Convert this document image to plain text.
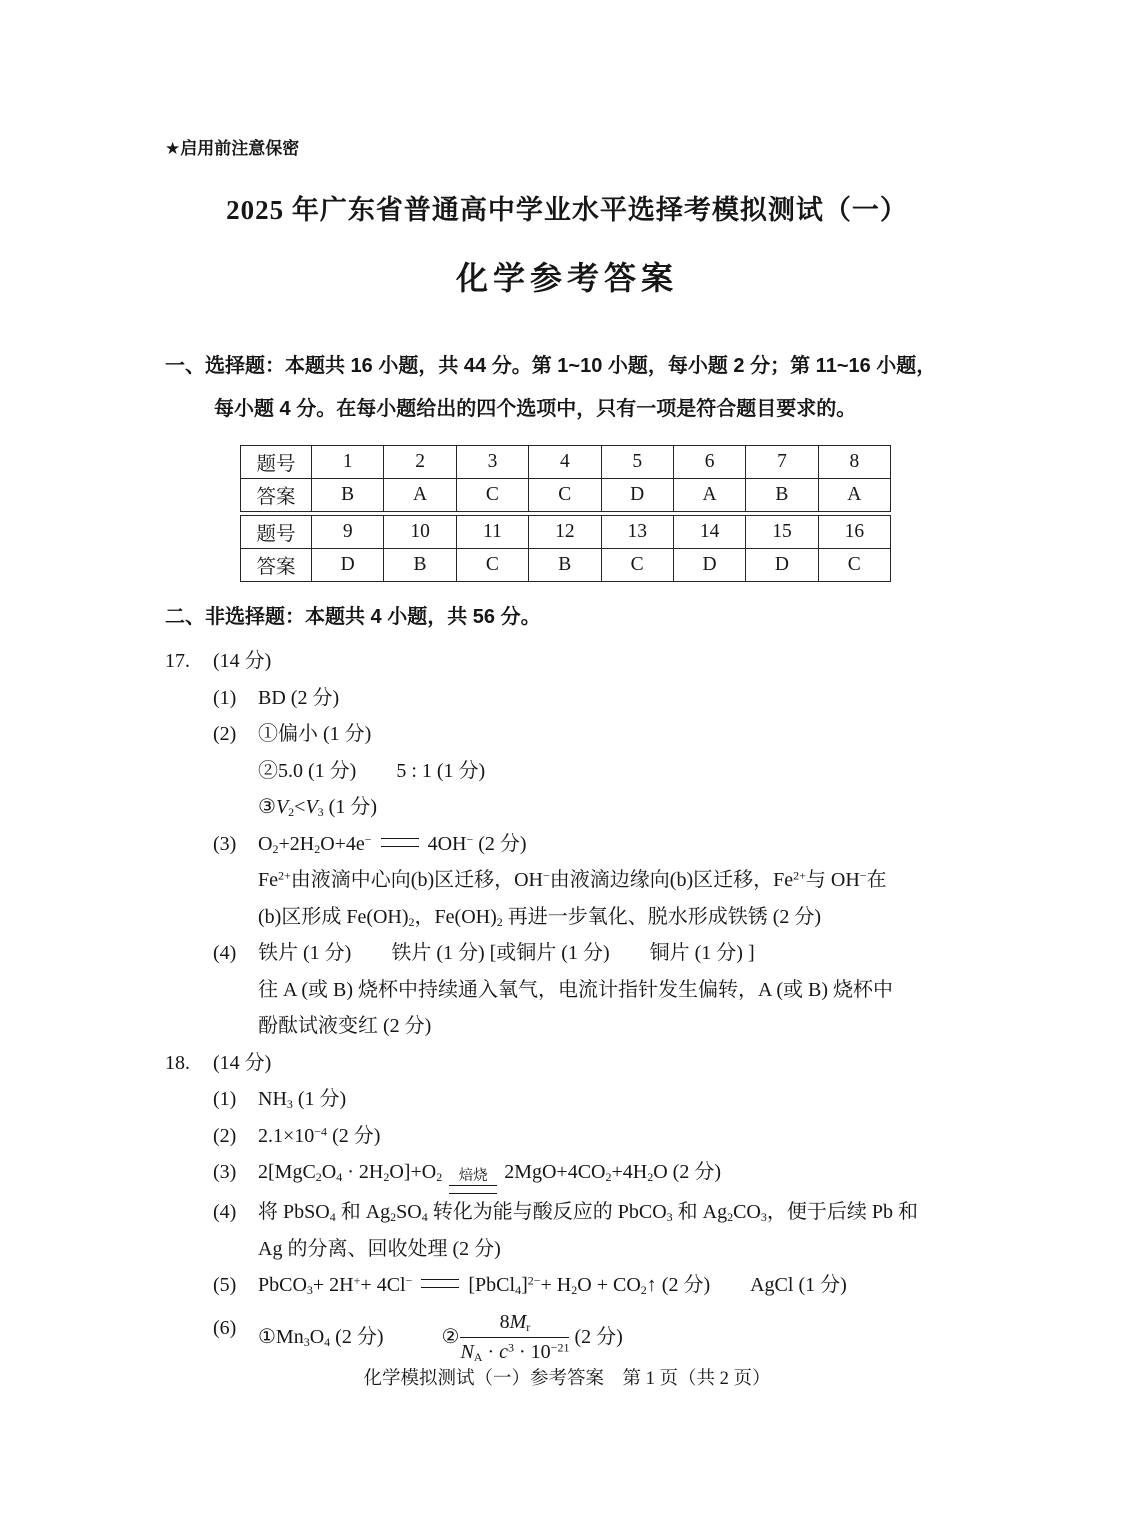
★启用前注意保密
2025 年广东省普通高中学业水平选择考模拟测试（一）
化学参考答案
一、选择题：本题共 16 小题，共 44 分。第 1~10 小题，每小题 2 分；第 11~16 小题，
每小题 4 分。在每小题给出的四个选项中，只有一项是符合题目要求的。
题号	1	2	3	4	5	6	7	8
答案	B	A	C	C	D	A	B	A
题号	9	10	11	12	13	14	15	16
答案	D	B	C	B	C	D	D	C
二、非选择题：本题共 4 小题，共 56 分。
17. (14 分)
(1) BD (2 分)
(2) ①偏小 (1 分)
②5.0 (1 分)　　5 : 1 (1 分)
$③V_2<V_3$ (1 分)
(3) $O_2+2H_2O+4e^-$	4OH− (2 分)
$Fe^{2+}$由液滴中心向(b)区迁移，OH−由液滴边缘向(b)区迁移，$Fe^{2+}$与 OH−在
(b)区形成 $Fe(OH)_2$，$Fe(OH)_2$ 再进一步氧化、脱水形成铁锈 (2 分)
(4) 铁片 (1 分)　　铁片 (1 分) [或铜片 (1 分)　　铜片 (1 分) ]
往 A (或 B) 烧杯中持续通入氧气，电流计指针发生偏转，A (或 B) 烧杯中
酚酞试液变红 (2 分)
18. (14 分)
(1) $NH_3$ (1 分)
(2) $2.1\times 10^{-4}$ (2 分)
(3) $2[MgC_2O_4 \cdot 2H_2O]+O_2$ 焙烧 $2MgO+4CO_2+4H_2O$ (2 分)
(4) 将 PbSO$_4$ 和 $Ag_2SO_4$ 转化为能与酸反应的 PbCO$_3$ 和 $Ag_2CO_3$，便于后续 Pb 和
Ag 的分离、回收处理 (2 分)
(5) PbCO$_3$+ 2H++ 4Cl−	[PbCl$_4$]$^{2-}$+ $H_2O$ + $CO_2↑$ (2 分)　　AgCl (1 分)
(6) $①Mn_3O_4$ (2 分)	② $\frac{8M_r}{N_A \cdot c^3 \cdot 10^{-21}} (2$ 分)
化学模拟测试（一）参考答案　第 1 页（共 2 页）
